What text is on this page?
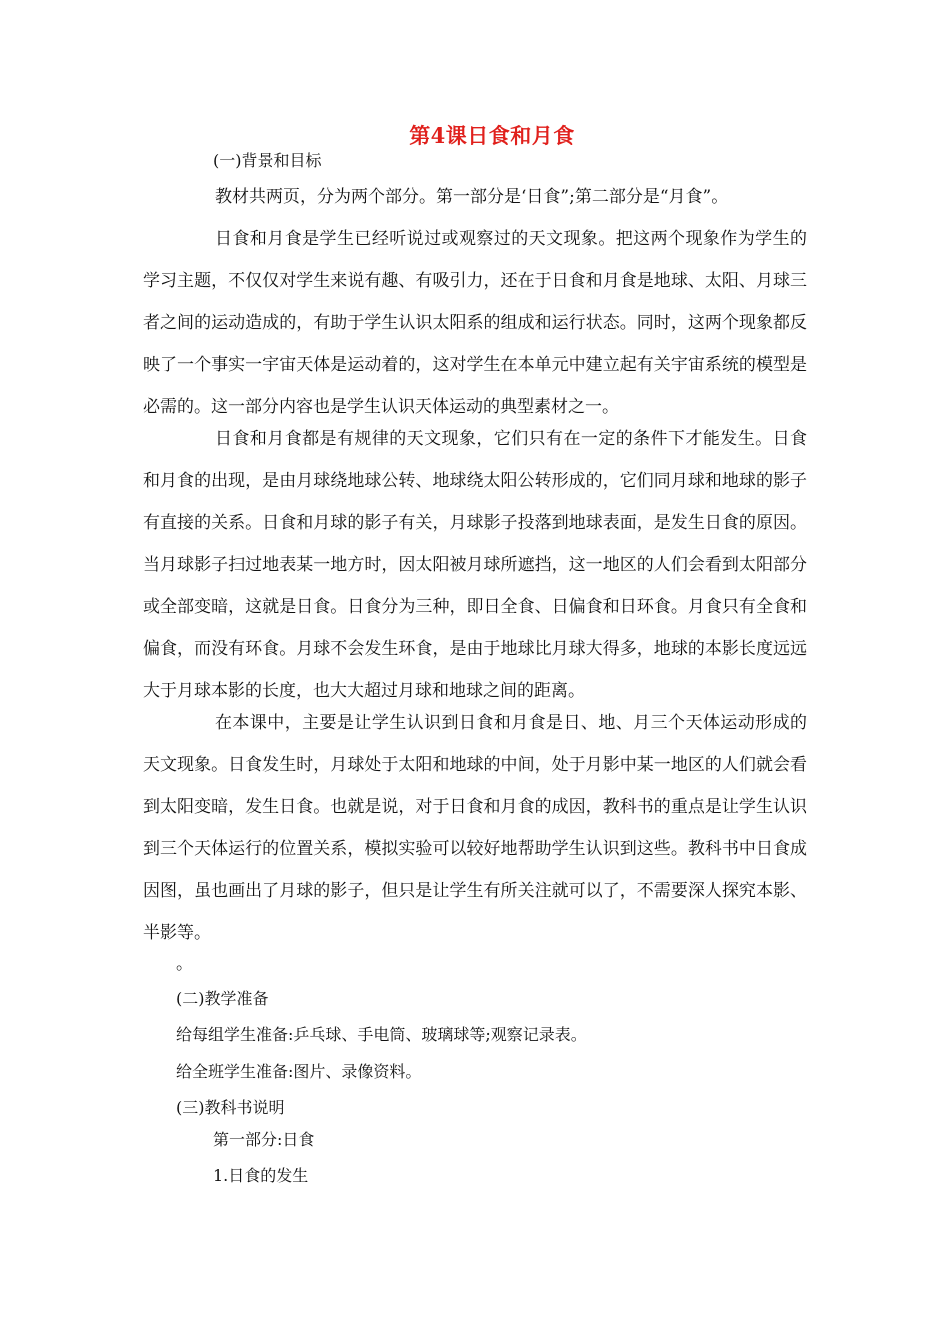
第4课日食和月食
(一)背景和目标

教材共两页，分为两个部分。第一部分是‘日食”;第二部分是“月食”。

日食和月食是学生已经听说过或观察过的天文现象。把这两个现象作为学生的学习主题，不仅仅对学生来说有趣、有吸引力，还在于日食和月食是地球、太阳、月球三者之间的运动造成的，有助于学生认识太阳系的组成和运行状态。同时，这两个现象都反映了一个事实一宇宙天体是运动着的，这对学生在本单元中建立起有关宇宙系统的模型是必需的。这一部分内容也是学生认识天体运动的典型素材之一。

日食和月食都是有规律的天文现象，它们只有在一定的条件下才能发生。日食和月食的出现，是由月球绕地球公转、地球绕太阳公转形成的，它们同月球和地球的影子有直接的关系。日食和月球的影子有关，月球影子投落到地球表面，是发生日食的原因。当月球影子扫过地表某一地方时，因太阳被月球所遮挡，这一地区的人们会看到太阳部分或全部变暗，这就是日食。日食分为三种，即日全食、日偏食和日环食。月食只有全食和偏食，而没有环食。月球不会发生环食，是由于地球比月球大得多，地球的本影长度远远大于月球本影的长度，也大大超过月球和地球之间的距离。

在本课中，主要是让学生认识到日食和月食是日、地、月三个天体运动形成的天文现象。日食发生时，月球处于太阳和地球的中间，处于月影中某一地区的人们就会看到太阳变暗，发生日食。也就是说，对于日食和月食的成因，教科书的重点是让学生认识到三个天体运行的位置关系，模拟实验可以较好地帮助学生认识到这些。教科书中日食成因图，虽也画出了月球的影子，但只是让学生有所关注就可以了，不需要深人探究本影、半影等。

。
(二)教学准备
给每组学生准备:乒乓球、手电筒、玻璃球等;观察记录表。
给全班学生准备:图片、录像资料。
(三)教科书说明
第一部分:日食
1.日食的发生
